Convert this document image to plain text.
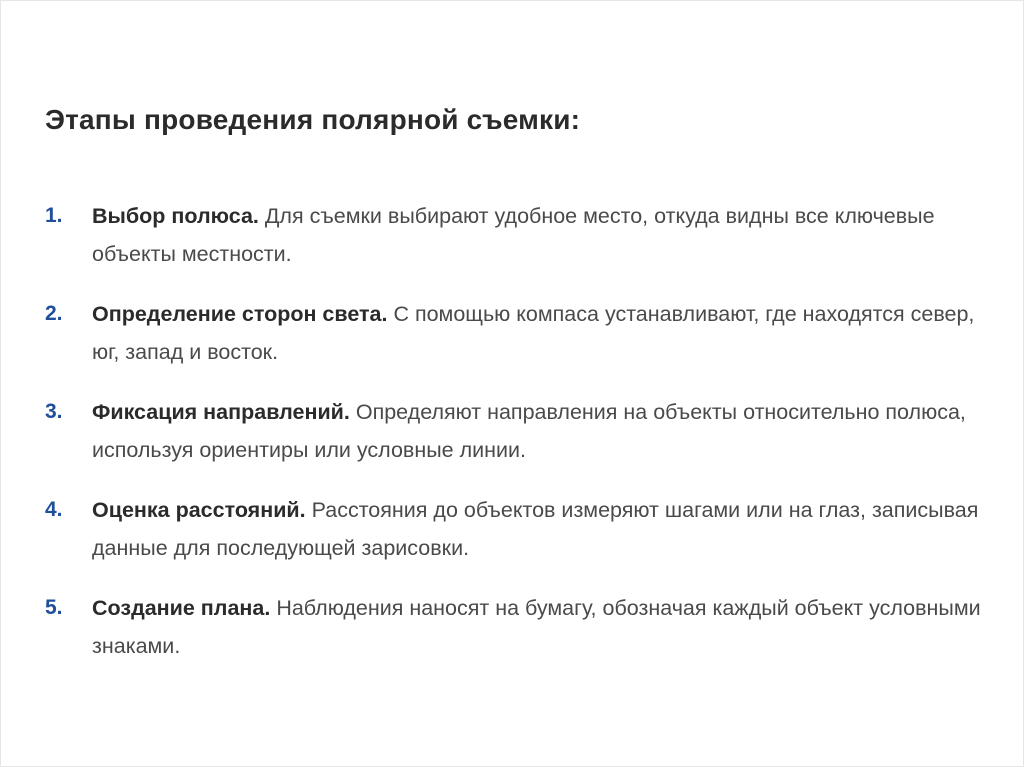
Этапы проведения полярной съемки:
1.	Выбор полюса. Для съемки выбирают удобное место, откуда видны все ключевые объекты местности.
2.	Определение сторон света. С помощью компаса устанавливают, где находятся север, юг, запад и восток.
3.	Фиксация направлений. Определяют направления на объекты относительно полюса, используя ориентиры или условные линии.
4.	Оценка расстояний. Расстояния до объектов измеряют шагами или на глаз, записывая данные для последующей зарисовки.
5.	Создание плана. Наблюдения наносят на бумагу, обозначая каждый объект условными знаками.
